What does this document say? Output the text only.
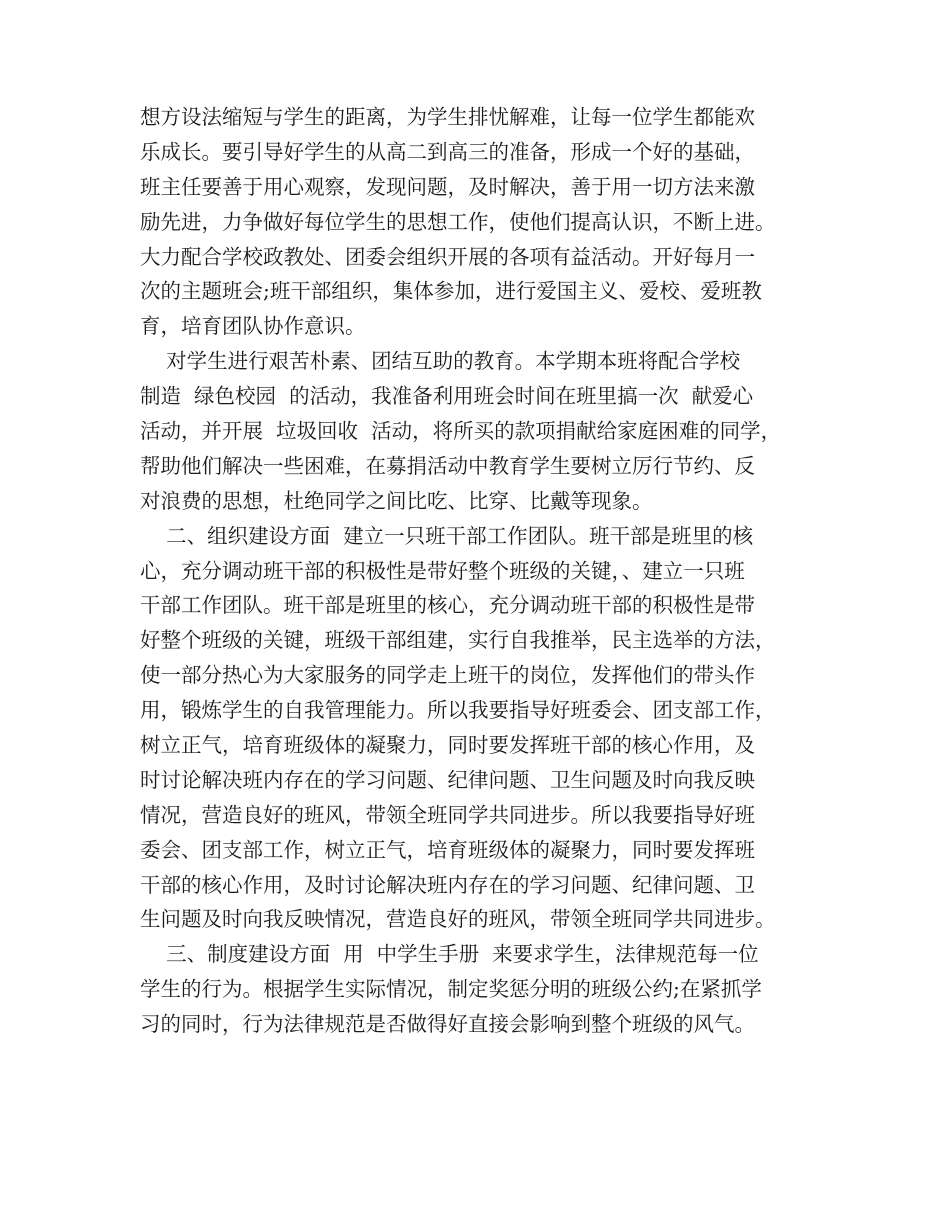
想方设法缩短与学生的距离，为学生排忧解难，让每一位学生都能欢
乐成长。要引导好学生的从高二到高三的准备，形成一个好的基础，
班主任要善于用心观察，发现问题，及时解决，善于用一切方法来激
励先进，力争做好每位学生的思想工作，使他们提高认识，不断上进。
大力配合学校政教处、团委会组织开展的各项有益活动。开好每月一
次的主题班会;班干部组织，集体参加，进行爱国主义、爱校、爱班教
育，培育团队协作意识。
对学生进行艰苦朴素、团结互助的教育。本学期本班将配合学校
制造  绿色校园  的活动，我准备利用班会时间在班里搞一次  献爱心
活动，并开展  垃圾回收  活动，将所买的款项捐献给家庭困难的同学，
帮助他们解决一些困难，在募捐活动中教育学生要树立厉行节约、反
对浪费的思想，杜绝同学之间比吃、比穿、比戴等现象。
二、组织建设方面  建立一只班干部工作团队。班干部是班里的核
心，充分调动班干部的积极性是带好整个班级的关键，、建立一只班
干部工作团队。班干部是班里的核心，充分调动班干部的积极性是带
好整个班级的关键，班级干部组建，实行自我推举，民主选举的方法，
使一部分热心为大家服务的同学走上班干的岗位，发挥他们的带头作
用，锻炼学生的自我管理能力。所以我要指导好班委会、团支部工作，
树立正气，培育班级体的凝聚力，同时要发挥班干部的核心作用，及
时讨论解决班内存在的学习问题、纪律问题、卫生问题及时向我反映
情况，营造良好的班风，带领全班同学共同进步。所以我要指导好班
委会、团支部工作，树立正气，培育班级体的凝聚力，同时要发挥班
干部的核心作用，及时讨论解决班内存在的学习问题、纪律问题、卫
生问题及时向我反映情况，营造良好的班风，带领全班同学共同进步。
三、制度建设方面  用  中学生手册  来要求学生，法律规范每一位
学生的行为。根据学生实际情况，制定奖惩分明的班级公约;在紧抓学
习的同时，行为法律规范是否做得好直接会影响到整个班级的风气。
